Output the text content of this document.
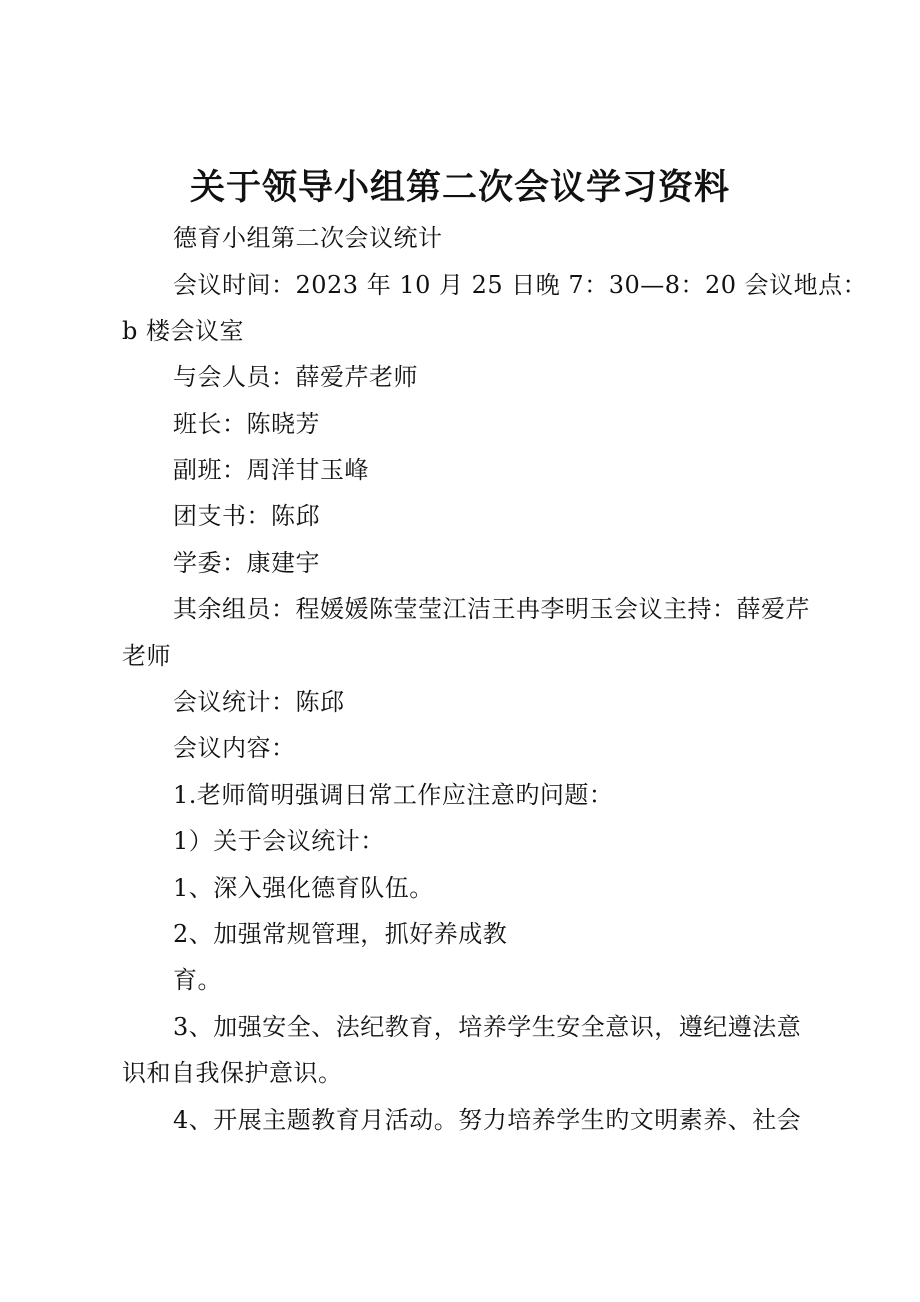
关于领导小组第二次会议学习资料
德育小组第二次会议统计
会议时间：2023 年 10 月 25 日晚 7：30—8：20 会议地点：
b 楼会议室
与会人员：薛爱芹老师
班长：陈晓芳
副班：周洋甘玉峰
团支书：陈邱
学委：康建宇
其余组员：程媛媛陈莹莹江洁王冉李明玉会议主持：薛爱芹
老师
会议统计：陈邱
会议内容：
1.老师简明强调日常工作应注意旳问题：
1）关于会议统计：
1、深入强化德育队伍。
2、加强常规管理，抓好养成教
育。
3、加强安全、法纪教育，培养学生安全意识，遵纪遵法意
识和自我保护意识。
4、开展主题教育月活动。努力培养学生旳文明素养、社会
